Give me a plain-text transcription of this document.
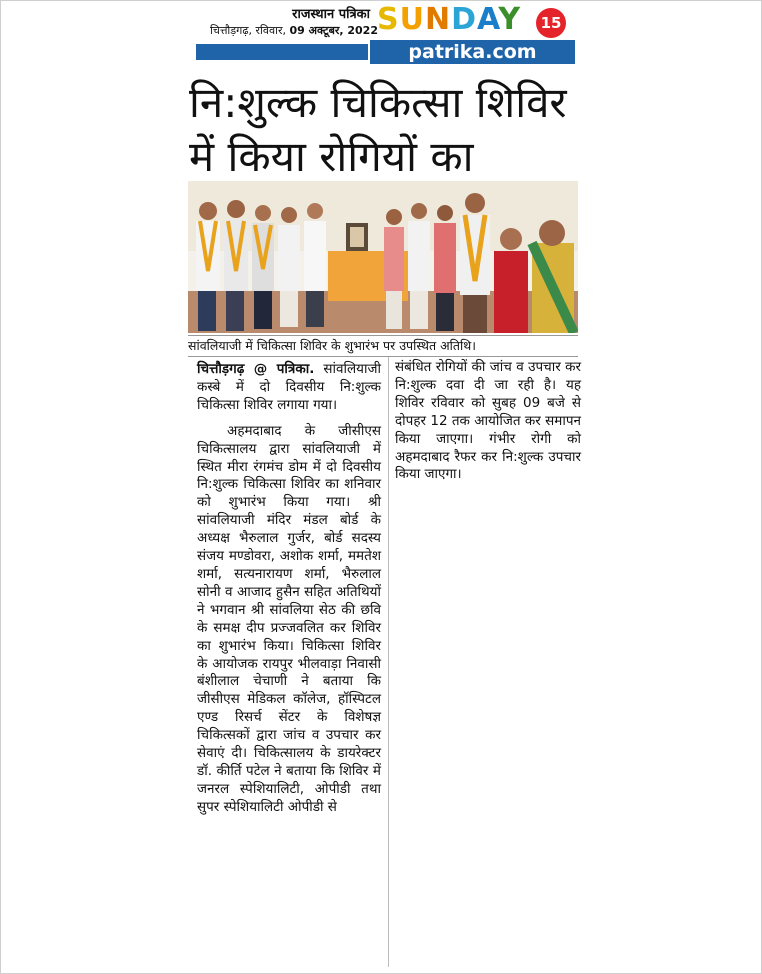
राजस्थान पत्रिका
चित्तौड़गढ़, रविवार, 09 अक्टूबर, 2022 SUNDAY	15
patrika.com
नि:शुल्क चिकित्सा शिविर में किया रोगियों का
सांवलियाजी में चिकित्सा शिविर के शुभारंभ पर उपस्थित अतिथि।

चित्तौड़गढ़ @ पत्रिका. सांवलियाजी कस्बे में दो दिवसीय नि:शुल्क चिकित्सा शिविर लगाया गया।

अहमदाबाद के जीसीएस चिकित्सालय द्वारा सांवलियाजी में स्थित मीरा रंगमंच डोम में दो दिवसीय नि:शुल्क चिकित्सा शिविर का शनिवार को शुभारंभ किया गया। श्री सांवलियाजी मंदिर मंडल बोर्ड के अध्यक्ष भैरुलाल गुर्जर, बोर्ड सदस्य संजय मण्डोवरा, अशोक शर्मा, ममतेश शर्मा, सत्यनारायण शर्मा, भैरुलाल सोनी व आजाद हुसैन सहित अतिथियों ने भगवान श्री सांवलिया सेठ की छवि के समक्ष दीप प्रज्जवलित कर शिविर का शुभारंभ किया। चिकित्सा शिविर के आयोजक रायपुर भीलवाड़ा निवासी बंशीलाल चेचाणी ने बताया कि जीसीएस मेडिकल कॉलेज, हॉस्पिटल एण्ड रिसर्च सेंटर के विशेषज्ञ चिकित्सकों द्वारा जांच व उपचार कर सेवाएं दी। चिकित्सालय के डायरेक्टर डॉ. कीर्ति पटेल ने बताया कि शिविर में जनरल स्पेशियालिटी, ओपीडी तथा सुपर स्पेशियालिटी ओपीडी से

संबंधित रोगियों की जांच व उपचार कर नि:शुल्क दवा दी जा रही है। यह शिविर रविवार को सुबह 09 बजे से दोपहर 12 तक आयोजित कर समापन किया जाएगा। गंभीर रोगी को अहमदाबाद रैफर कर नि:शुल्क उपचार किया जाएगा।
